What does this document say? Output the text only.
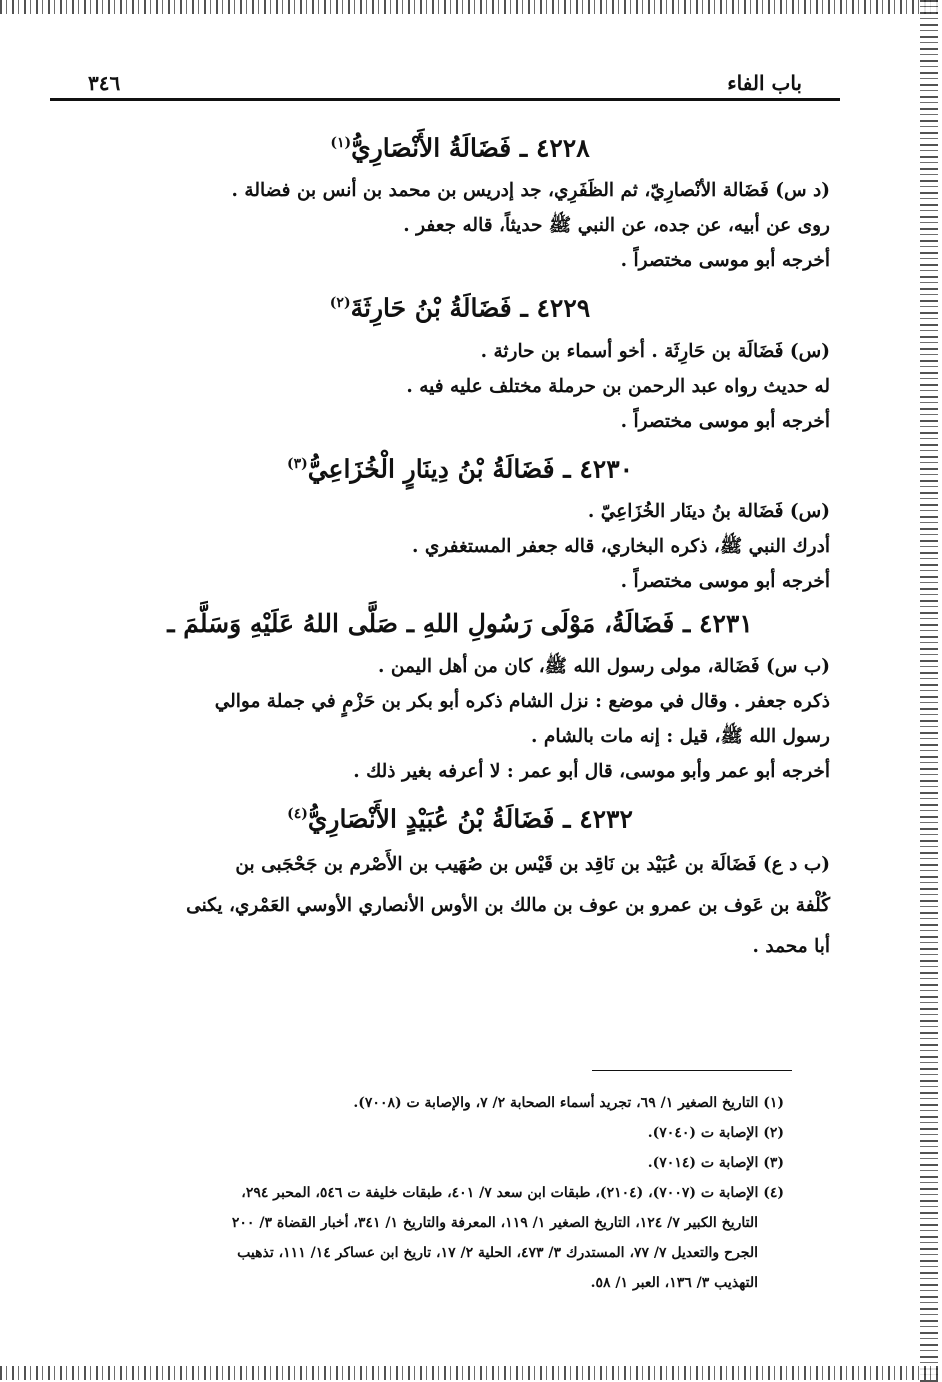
باب الفاء
٣٤٦
٤٢٢٨ ـ فَضَالَةُ الأَنْصَارِيُّ$^{(١)}$

(د س) فَضَالة الأنْصارِيّ، ثم الظَفَرِي، جد إدريس بن محمد بن أنس بن فضالة .

روى عن أبيه، عن جده، عن النبي ﷺ حديثاً، قاله جعفر .

أخرجه أبو موسى مختصراً .

٤٢٢٩ ـ فَضَالَةُ بْنُ حَارِثَةَ$^{(٢)}$

(س) فَضَالَة بن حَارِثَة . أخو أسماء بن حارثة .

له حديث رواه عبد الرحمن بن حرملة مختلف عليه فيه .

أخرجه أبو موسى مختصراً .

٤٢٣٠ ـ فَضَالَةُ بْنُ دِينَارٍ الْخُزَاعِيُّ$^{(٣)}$

(س) فَضَالة بنُ دينَار الخُزَاعِيّ .

أدرك النبي ﷺ، ذكره البخاري، قاله جعفر المستغفري .

أخرجه أبو موسى مختصراً .

٤٢٣١ ـ فَضَالَةُ، مَوْلَى رَسُولِ اللهِ ـ صَلَّى اللهُ عَلَيْهِ وَسَلَّمَ ـ

(ب س) فَضَالة، مولى رسول الله ﷺ، كان من أهل اليمن .

ذكره جعفر . وقال في موضع : نزل الشام ذكره أبو بكر بن حَزْمٍ في جملة موالي

رسول الله ﷺ، قيل : إنه مات بالشام .

أخرجه أبو عمر وأبو موسى، قال أبو عمر : لا أعرفه بغير ذلك .

٤٢٣٢ ـ فَضَالَةُ بْنُ عُبَيْدٍ الأَنْصَارِيُّ$^{(٤)}$

(ب د ع) فَضَالَة بن عُبَيْد بن نَاقِد بن قَيْس بن صُهَيب بن الأَصْرم بن جَحْجَبى بن

كُلْفة بن عَوف بن عمرو بن عوف بن مالك بن الأوس الأنصاري الأوسي العَمْري، يكنى

أبا محمد .

(١) التاريخ الصغير ١/ ٦٩، تجريد أسماء الصحابة ٢/ ٧، والإصابة ت (٧٠٠٨).
(٢) الإصابة ت (٧٠٤٠).
(٣) الإصابة ت (٧٠١٤).
(٤) الإصابة ت (٧٠٠٧)، (٢١٠٤)، طبقات ابن سعد ٧/ ٤٠١، طبقات خليفة ت ٥٤٦، المحبر ٢٩٤،
التاريخ الكبير ٧/ ١٢٤، التاريخ الصغير ١/ ١١٩، المعرفة والتاريخ ١/ ٣٤١، أخبار القضاة ٣/ ٢٠٠
الجرح والتعديل ٧/ ٧٧، المستدرك ٣/ ٤٧٣، الحلية ٢/ ١٧، تاريخ ابن عساكر ١٤/ ١١١، تذهيب
التهذيب ٣/ ١٣٦، العبر ١/ ٥٨.
